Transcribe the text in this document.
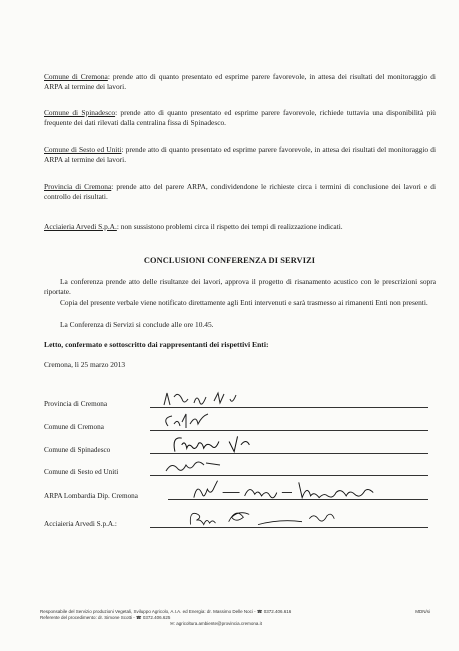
Comune di Cremona: prende atto di quanto presentato ed esprime parere favorevole, in attesa dei risultati del monitoraggio di ARPA al termine dei lavori.

Comune di Spinadesco: prende atto di quanto presentato ed esprime parere favorevole, richiede tuttavia una disponibilità più frequente dei dati rilevati dalla centralina fissa di Spinadesco.

Comune di Sesto ed Uniti: prende atto di quanto presentato ed esprime parere favorevole, in attesa dei risultati del monitoraggio di ARPA al termine dei lavori.

Provincia di Cremona: prende atto del parere ARPA, condividendone le richieste circa i termini di conclusione dei lavori e di controllo dei risultati.

Acciaieria Arvedi S.p.A.: non sussistono problemi circa il rispetto dei tempi di realizzazione indicati.

CONCLUSIONI CONFERENZA DI SERVIZI
La conferenza prende atto delle risultanze dei lavori, approva il progetto di risanamento acustico con le prescrizioni sopra riportate.
Copia del presente verbale viene notificato direttamente agli Enti intervenuti e sarà trasmesso ai rimanenti Enti non presenti.
La Conferenza di Servizi si conclude alle ore 10.45.
Letto, confermato e sottoscritto dai rappresentanti dei rispettivi Enti:
Cremona, lì 25 marzo 2013
Provincia di Cremona
Comune di Cremona
Comune di Spinadesco
Comune di Sesto ed Uniti
ARPA Lombardia Dip. Cremona
Acciaieria Arvedi S.p.A.:
Responsabile del Servizio produzioni Vegetali, Sviluppo Agricolo, A.I.A. ed Energia: dr. Massimo Delle Noci - ☎ 0372.406.616
Referente del procedimento: dr. Simone Scotti - ☎ 0372.406.625
✉: agricoltura.ambiente@provincia.cremona.it
MDN/si
